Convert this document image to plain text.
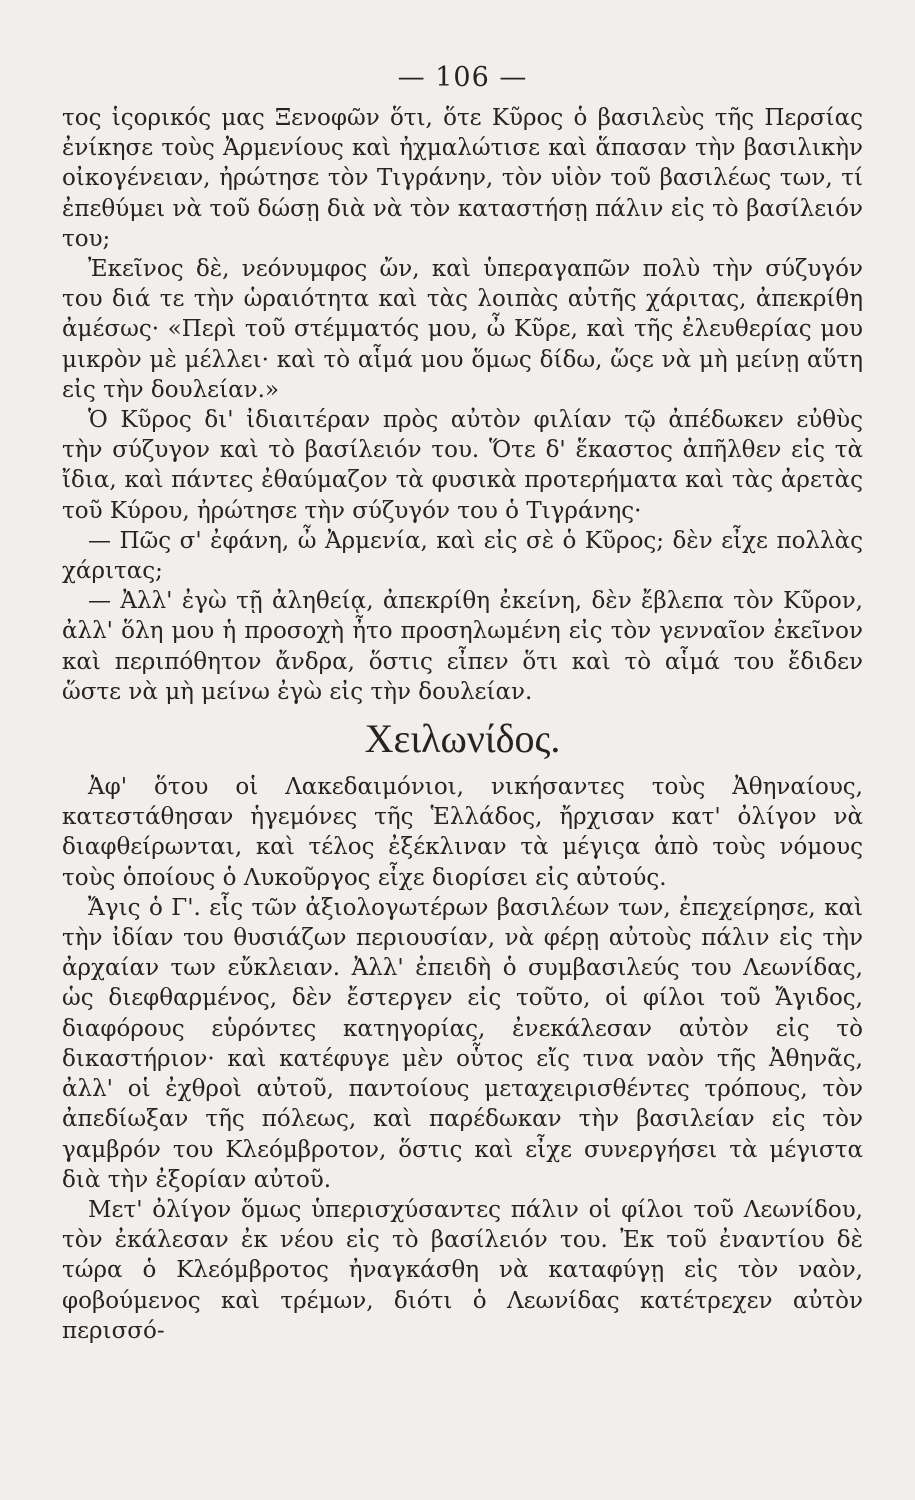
— 106 —

τος ἱςορικός μας Ξενοφῶν ὅτι, ὅτε Κῦρος ὁ βασιλεὺς τῆς Περσίας ἐνίκησε τοὺς Ἀρμενίους καὶ ἠχμαλώτισε καὶ ἅπασαν τὴν βασιλικὴν οἰκογένειαν, ἠρώτησε τὸν Τιγράνην, τὸν υἱὸν τοῦ βασιλέως των, τί ἐπεθύμει νὰ τοῦ δώσῃ διὰ νὰ τὸν καταστήσῃ πάλιν εἰς τὸ βασίλειόν του;

Ἐκεῖνος δὲ, νεόνυμφος ὤν, καὶ ὑπεραγαπῶν πολὺ τὴν σύζυγόν του διά τε τὴν ὡραιότητα καὶ τὰς λοιπὰς αὐτῆς χάριτας, ἀπεκρίθη ἀμέσως· «Περὶ τοῦ στέμματός μου, ὦ Κῦρε, καὶ τῆς ἐλευθερίας μου μικρὸν μὲ μέλλει· καὶ τὸ αἷμά μου ὅμως δίδω, ὥςε νὰ μὴ μείνῃ αὕτη εἰς τὴν δουλείαν.»

Ὁ Κῦρος δι' ἰδιαιτέραν πρὸς αὐτὸν φιλίαν τῷ ἀπέδωκεν εὐθὺς τὴν σύζυγον καὶ τὸ βασίλειόν του. Ὅτε δ' ἕκαστος ἀπῆλθεν εἰς τὰ ἴδια, καὶ πάντες ἐθαύμαζον τὰ φυσικὰ προτερήματα καὶ τὰς ἀρετὰς τοῦ Κύρου, ἠρώτησε τὴν σύζυγόν του ὁ Τιγράνης·

— Πῶς σ' ἐφάνη, ὦ Ἀρμενία, καὶ εἰς σὲ ὁ Κῦρος; δὲν εἶχε πολλὰς χάριτας;

— Ἀλλ' ἐγὼ τῇ ἀληθείᾳ, ἀπεκρίθη ἐκείνη, δὲν ἔβλεπα τὸν Κῦρον, ἀλλ' ὅλη μου ἡ προσοχὴ ἦτο προσηλωμένη εἰς τὸν γενναῖον ἐκεῖνον καὶ περιπόθητον ἄνδρα, ὅστις εἶπεν ὅτι καὶ τὸ αἷμά του ἔδιδεν ὥστε νὰ μὴ μείνω ἐγὼ εἰς τὴν δουλείαν.

Χειλωνίδος.

Ἀφ' ὅτου οἱ Λακεδαιμόνιοι, νικήσαντες τοὺς Ἀθηναίους, κατεστάθησαν ἡγεμόνες τῆς Ἑλλάδος, ἤρχισαν κατ' ὀλίγον νὰ διαφθείρωνται, καὶ τέλος ἐξέκλιναν τὰ μέγιςα ἀπὸ τοὺς νόμους τοὺς ὁποίους ὁ Λυκοῦργος εἶχε διορίσει εἰς αὐτούς.

Ἄγις ὁ Γ'. εἷς τῶν ἀξιολογωτέρων βασιλέων των, ἐπεχείρησε, καὶ τὴν ἰδίαν του θυσιάζων περιουσίαν, νὰ φέρῃ αὐτοὺς πάλιν εἰς τὴν ἀρχαίαν των εὔκλειαν. Ἀλλ' ἐπειδὴ ὁ συμβασιλεύς του Λεωνίδας, ὡς διεφθαρμένος, δὲν ἔστεργεν εἰς τοῦτο, οἱ φίλοι τοῦ Ἄγιδος, διαφόρους εὑρόντες κατηγορίας, ἐνεκάλεσαν αὐτὸν εἰς τὸ δικαστήριον· καὶ κατέφυγε μὲν οὗτος εἴς τινα ναὸν τῆς Ἀθηνᾶς, ἀλλ' οἱ ἐχθροὶ αὐτοῦ, παντοίους μεταχειρισθέντες τρόπους, τὸν ἀπεδίωξαν τῆς πόλεως, καὶ παρέδωκαν τὴν βασιλείαν εἰς τὸν γαμβρόν του Κλεόμβροτον, ὅστις καὶ εἶχε συνεργήσει τὰ μέγιστα διὰ τὴν ἐξορίαν αὐτοῦ.

Μετ' ὀλίγον ὅμως ὑπερισχύσαντες πάλιν οἱ φίλοι τοῦ Λεωνίδου, τὸν ἐκάλεσαν ἐκ νέου εἰς τὸ βασίλειόν του. Ἐκ τοῦ ἐναντίου δὲ τώρα ὁ Κλεόμβροτος ἠναγκάσθη νὰ καταφύγῃ εἰς τὸν ναὸν, φοβούμενος καὶ τρέμων, διότι ὁ Λεωνίδας κατέτρεχεν αὐτὸν περισσό-
